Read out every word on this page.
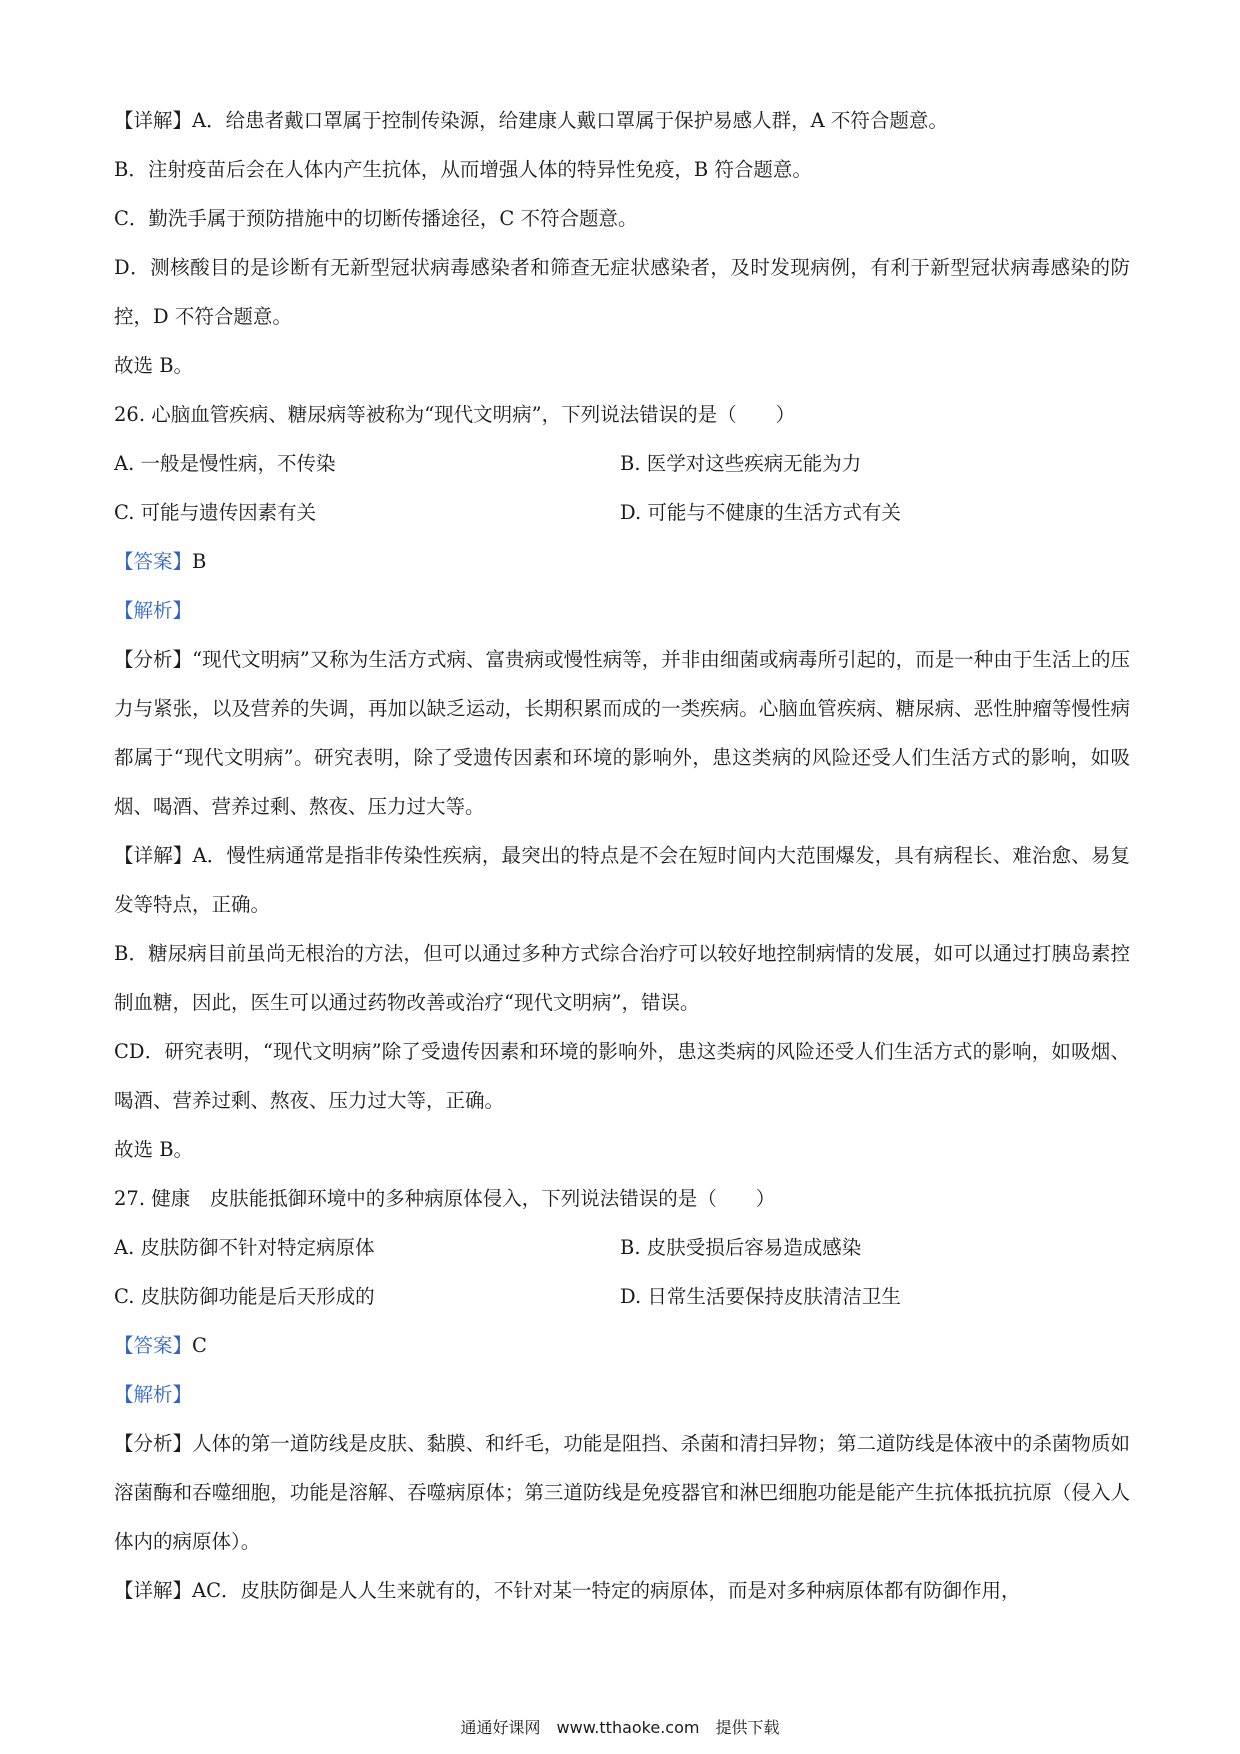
【详解】A．给患者戴口罩属于控制传染源，给建康人戴口罩属于保护易感人群，A 不符合题意。

B．注射疫苗后会在人体内产生抗体，从而增强人体的特异性免疫，B 符合题意。

C．勤洗手属于预防措施中的切断传播途径，C 不符合题意。

D．测核酸目的是诊断有无新型冠状病毒感染者和筛查无症状感染者，及时发现病例，有利于新型冠状病毒感染的防控，D 不符合题意。

故选 B。

26. 心脑血管疾病、糖尿病等被称为“现代文明病”，下列说法错误的是（　　）

A. 一般是慢性病，不传染	B. 医学对这些疾病无能为力
C. 可能与遗传因素有关	D. 可能与不健康的生活方式有关

【答案】B

【解析】

【分析】“现代文明病”又称为生活方式病、富贵病或慢性病等，并非由细菌或病毒所引起的，而是一种由于生活上的压力与紧张，以及营养的失调，再加以缺乏运动，长期积累而成的一类疾病。心脑血管疾病、糖尿病、恶性肿瘤等慢性病都属于“现代文明病”。研究表明，除了受遗传因素和环境的影响外，患这类病的风险还受人们生活方式的影响，如吸烟、喝酒、营养过剩、熬夜、压力过大等。

【详解】A．慢性病通常是指非传染性疾病，最突出的特点是不会在短时间内大范围爆发，具有病程长、难治愈、易复发等特点，正确。

B．糖尿病目前虽尚无根治的方法，但可以通过多种方式综合治疗可以较好地控制病情的发展，如可以通过打胰岛素控制血糖，因此，医生可以通过药物改善或治疗“现代文明病”，错误。

CD．研究表明，“现代文明病”除了受遗传因素和环境的影响外，患这类病的风险还受人们生活方式的影响，如吸烟、喝酒、营养过剩、熬夜、压力过大等，正确。

故选 B。

27. 健康　皮肤能抵御环境中的多种病原体侵入，下列说法错误的是（　　）

A. 皮肤防御不针对特定病原体	B. 皮肤受损后容易造成感染
C. 皮肤防御功能是后天形成的	D. 日常生活要保持皮肤清洁卫生

【答案】C

【解析】

【分析】人体的第一道防线是皮肤、黏膜、和纤毛，功能是阻挡、杀菌和清扫异物；第二道防线是体液中的杀菌物质如溶菌酶和吞噬细胞，功能是溶解、吞噬病原体；第三道防线是免疫器官和淋巴细胞功能是能产生抗体抵抗抗原（侵入人体内的病原体）。

【详解】AC．皮肤防御是人人生来就有的，不针对某一特定的病原体，而是对多种病原体都有防御作用，

通通好课网　www.tthaoke.com　提供下载
